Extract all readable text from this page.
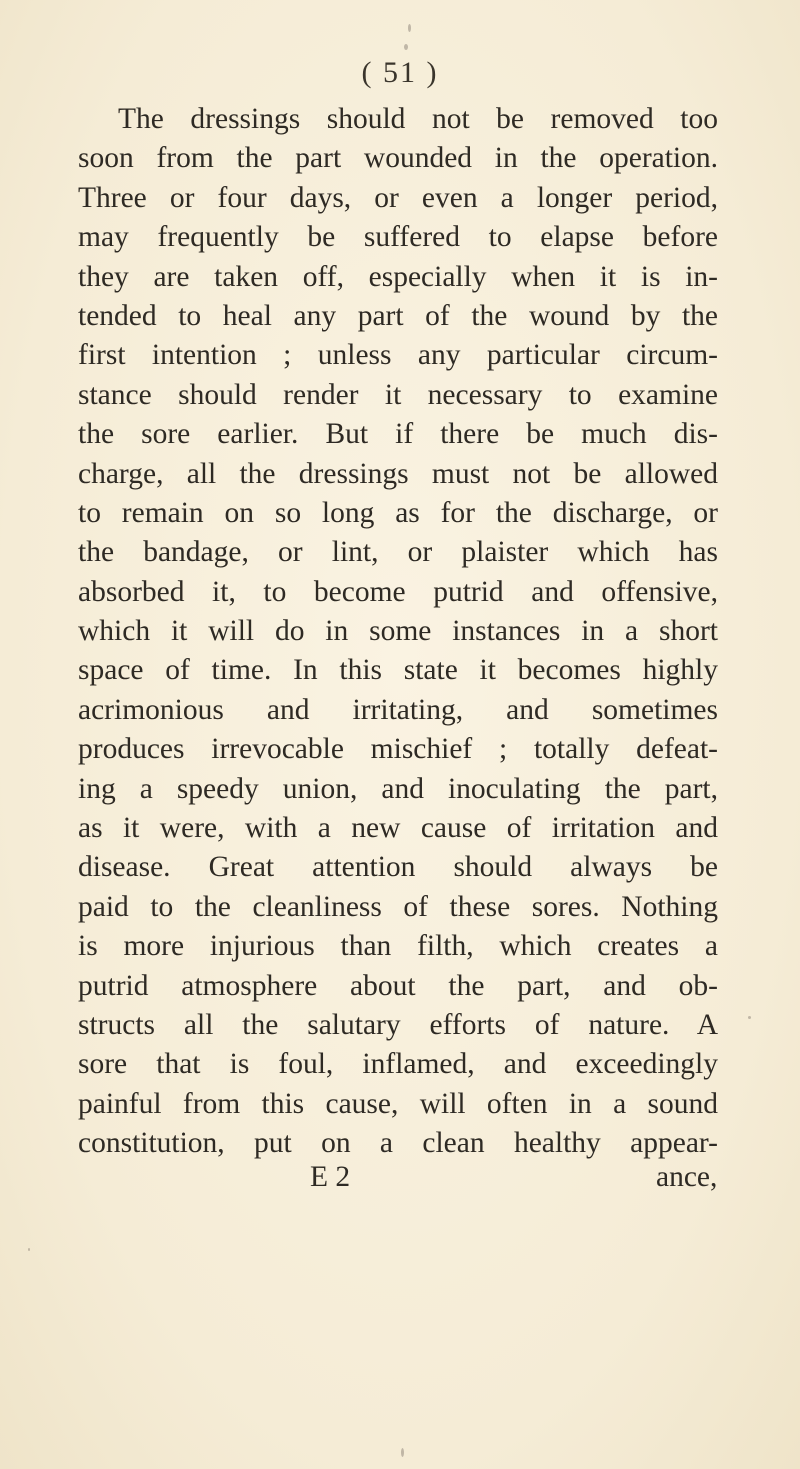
( 51 )
The dressings should not be removed too
soon from the part wounded in the operation.
Three or four days, or even a longer period,
may frequently be suffered to elapse before
they are taken off, especially when it is in-
tended to heal any part of the wound by the
first intention ; unless any particular circum-
stance should render it necessary to examine
the sore earlier. But if there be much dis-
charge, all the dressings must not be allowed
to remain on so long as for the discharge, or
the bandage, or lint, or plaister which has
absorbed it, to become putrid and offensive,
which it will do in some instances in a short
space of time. In this state it becomes highly
acrimonious and irritating, and sometimes
produces irrevocable mischief ; totally defeat-
ing a speedy union, and inoculating the part,
as it were, with a new cause of irritation and
disease. Great attention should always be
paid to the cleanliness of these sores. Nothing
is more injurious than filth, which creates a
putrid atmosphere about the part, and ob-
structs all the salutary efforts of nature. A
sore that is foul, inflamed, and exceedingly
painful from this cause, will often in a sound
constitution, put on a clean healthy appear-
E 2	ance,
